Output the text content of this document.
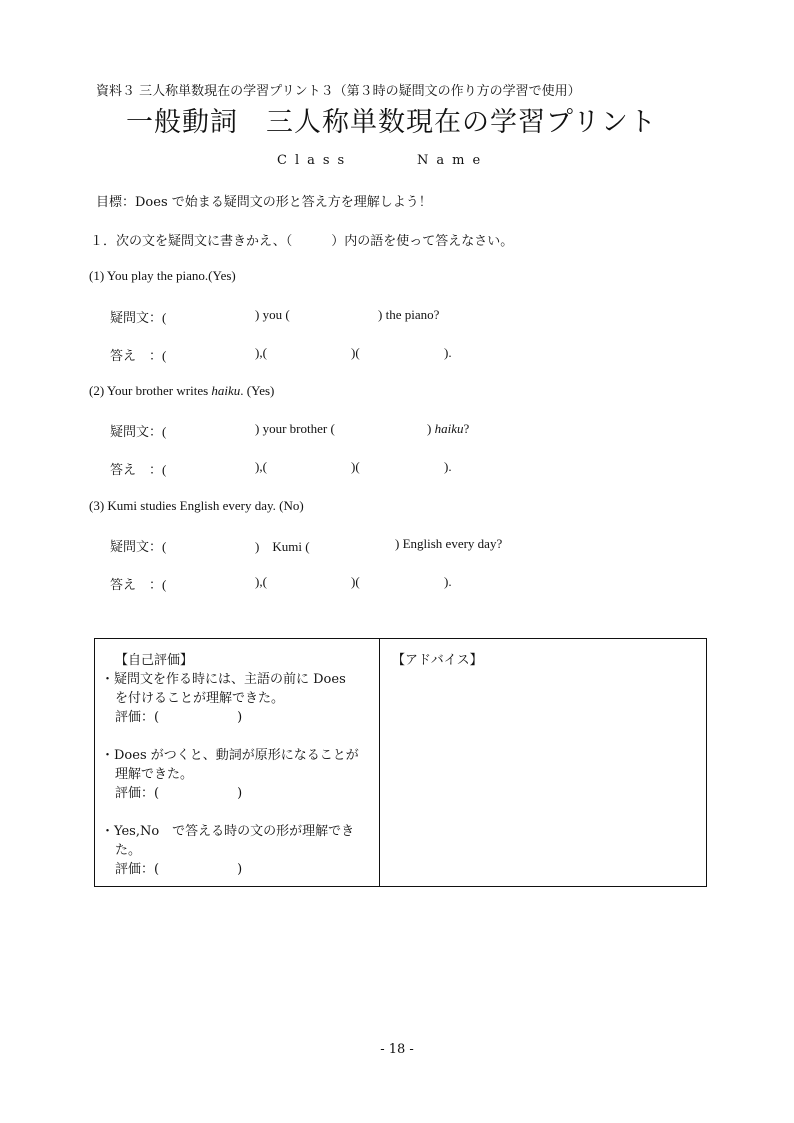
資料３ 三人称単数現在の学習プリント３（第３時の疑問文の作り方の学習で使用）
一般動詞　三人称単数現在の学習プリント
Class	Name
目標：Does で始まる疑問文の形と答え方を理解しよう！
１．次の文を疑問文に書きかえ、（　　　）内の語を使って答えなさい。
(1) You play the piano.(Yes)
疑問文：(	) you (	) the piano?
答え　：(	),(	)(	).
(2) Your brother writes haiku. (Yes)
疑問文：(	) your brother (	) haiku?
答え　：(	),(	)(	).
(3) Kumi studies English every day. (No)
疑問文：(	)　Kumi (	) English every day?
答え　：(	),(	)(	).
【自己評価】
・疑問文を作る時には、主語の前に Does
を付けることが理解できた。
評価：(　　　　　　)
・Does がつくと、動詞が原形になることが
理解できた。
評価：(　　　　　　)
・Yes,No　で答える時の文の形が理解でき
た。
評価：(　　　　　　)
【アドバイス】
- 18 -
